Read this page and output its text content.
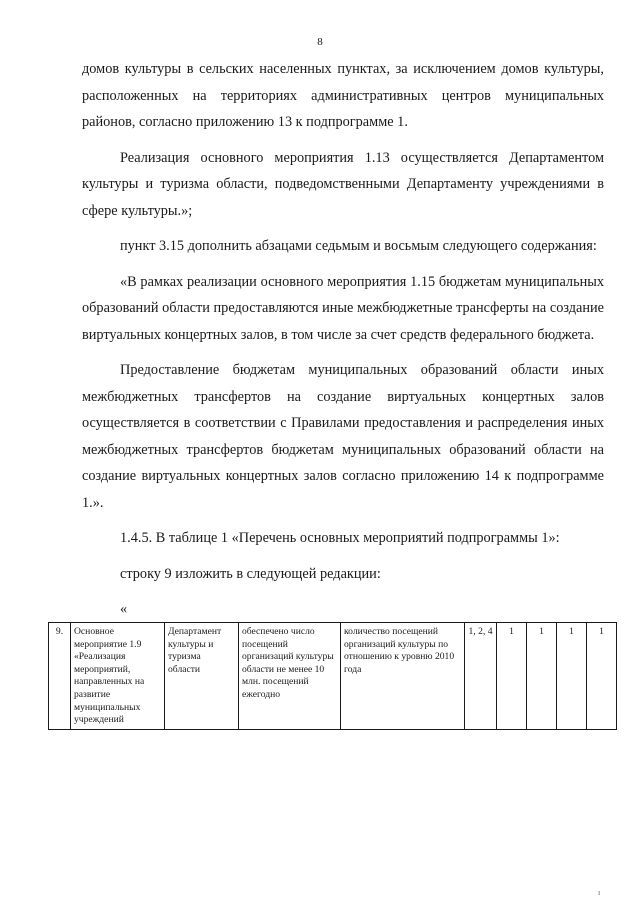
8

домов культуры в сельских населенных пунктах, за исключением домов культуры, расположенных на территориях административных центров муниципальных районов, согласно приложению 13 к подпрограмме 1.

Реализация основного мероприятия 1.13 осуществляется Департаментом культуры и туризма области, подведомственными Департаменту учреждениями в сфере культуры.»;

пункт 3.15 дополнить абзацами седьмым и восьмым следующего содержания:

«В рамках реализации основного мероприятия 1.15 бюджетам муниципальных образований области предоставляются иные межбюджетные трансферты на создание виртуальных концертных залов, в том числе за счет средств федерального бюджета.

Предоставление бюджетам муниципальных образований области иных межбюджетных трансфертов на создание виртуальных концертных залов осуществляется в соответствии с Правилами предоставления и распределения иных межбюджетных трансфертов бюджетам муниципальных образований области на создание виртуальных концертных залов согласно приложению 14 к подпрограмме 1.».

1.4.5. В таблице 1 «Перечень основных мероприятий подпрограммы 1»:

строку 9 изложить в следующей редакции:

«

9.	Основное мероприятие 1.9 «Реализация мероприятий, направленных на развитие муниципальных учреждений	Департамент культуры и туризма области	обеспечено число посещений организаций культуры области не менее 10 млн. посещений ежегодно	количество посещений организаций культуры по отношению к уровню 2010 года	1, 2, 4	1	1	1	1
ı
